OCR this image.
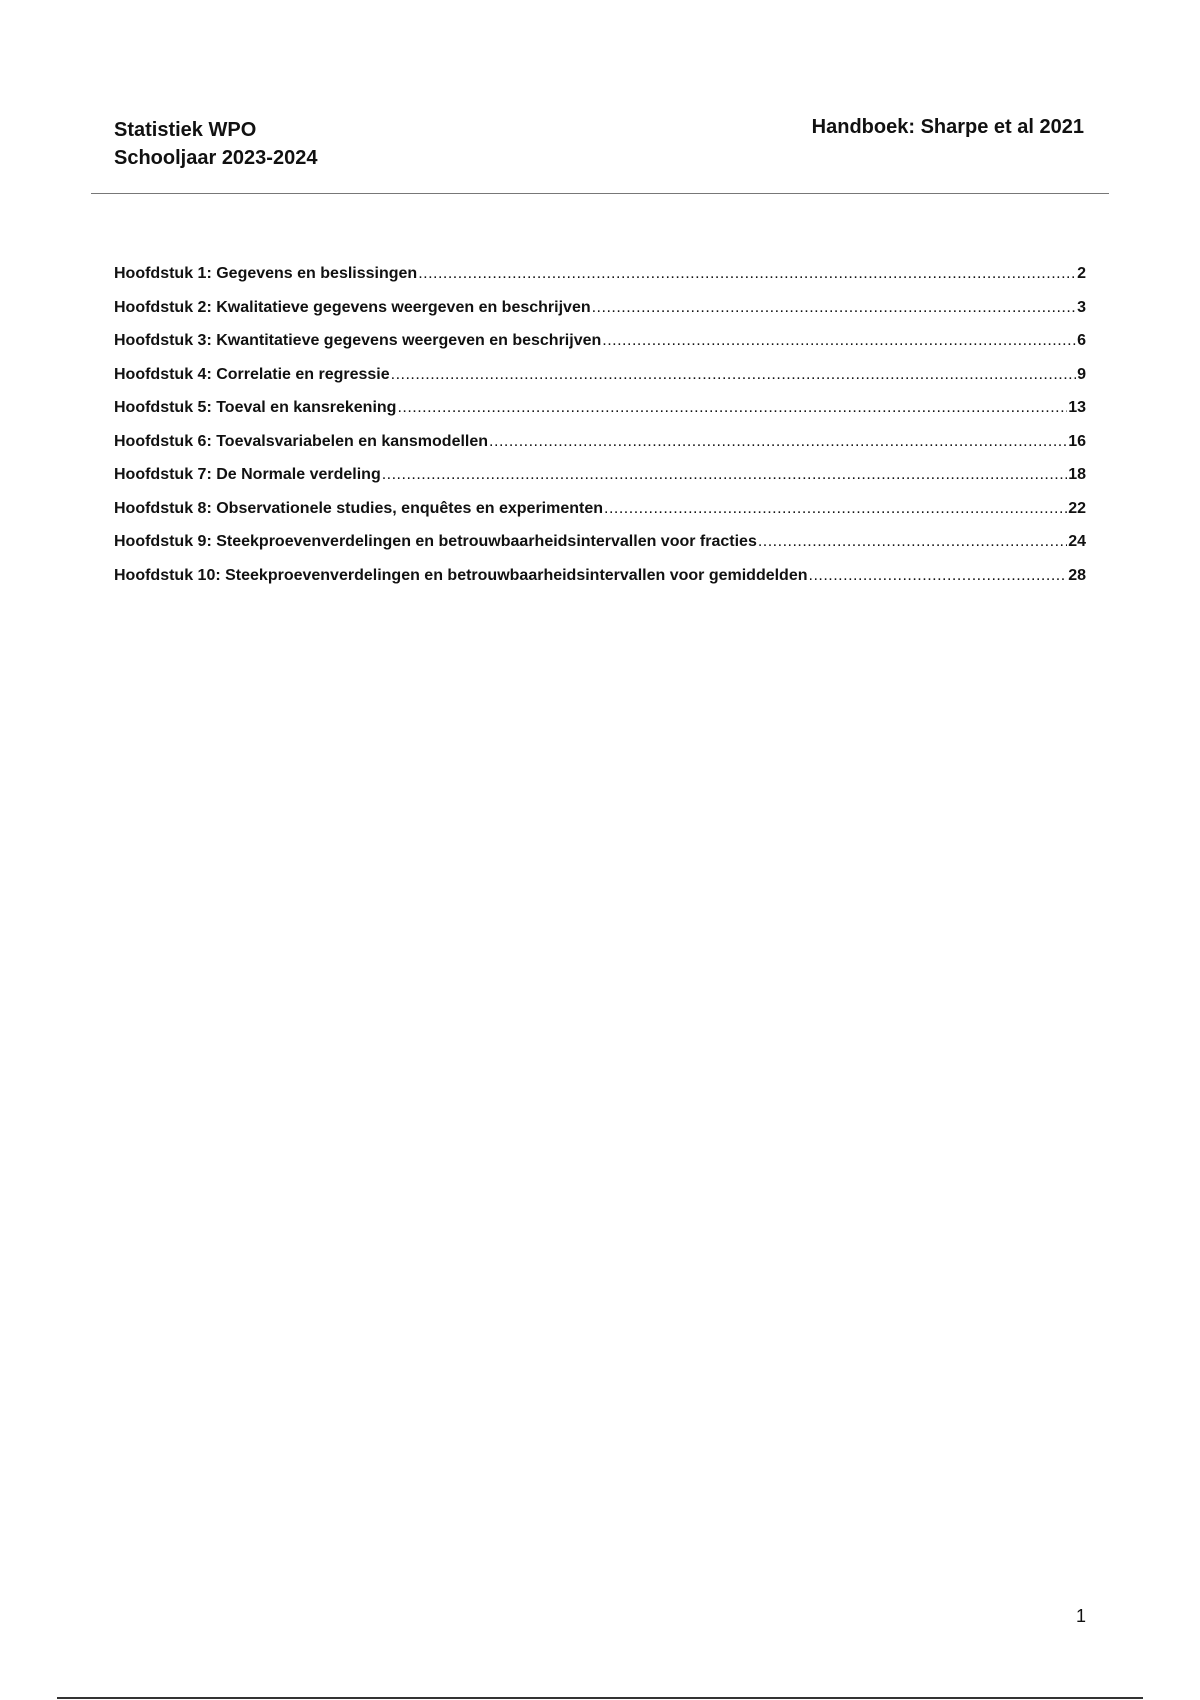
Statistiek WPO
Schooljaar 2023-2024
Handboek: Sharpe et al 2021
Hoofdstuk 1: Gegevens en beslissingen .....	2
Hoofdstuk 2: Kwalitatieve gegevens weergeven en beschrijven .....	3
Hoofdstuk 3: Kwantitatieve gegevens weergeven en beschrijven .....	6
Hoofdstuk 4: Correlatie en regressie .....	9
Hoofdstuk 5: Toeval en kansrekening .....	13
Hoofdstuk 6: Toevalsvariabelen en kansmodellen .....	16
Hoofdstuk 7: De Normale verdeling .....	18
Hoofdstuk 8: Observationele studies, enquêtes en experimenten .....	22
Hoofdstuk 9: Steekproevenverdelingen en betrouwbaarheidsintervallen voor fracties .....	24
Hoofdstuk 10: Steekproevenverdelingen en betrouwbaarheidsintervallen voor gemiddelden .....	28
1
